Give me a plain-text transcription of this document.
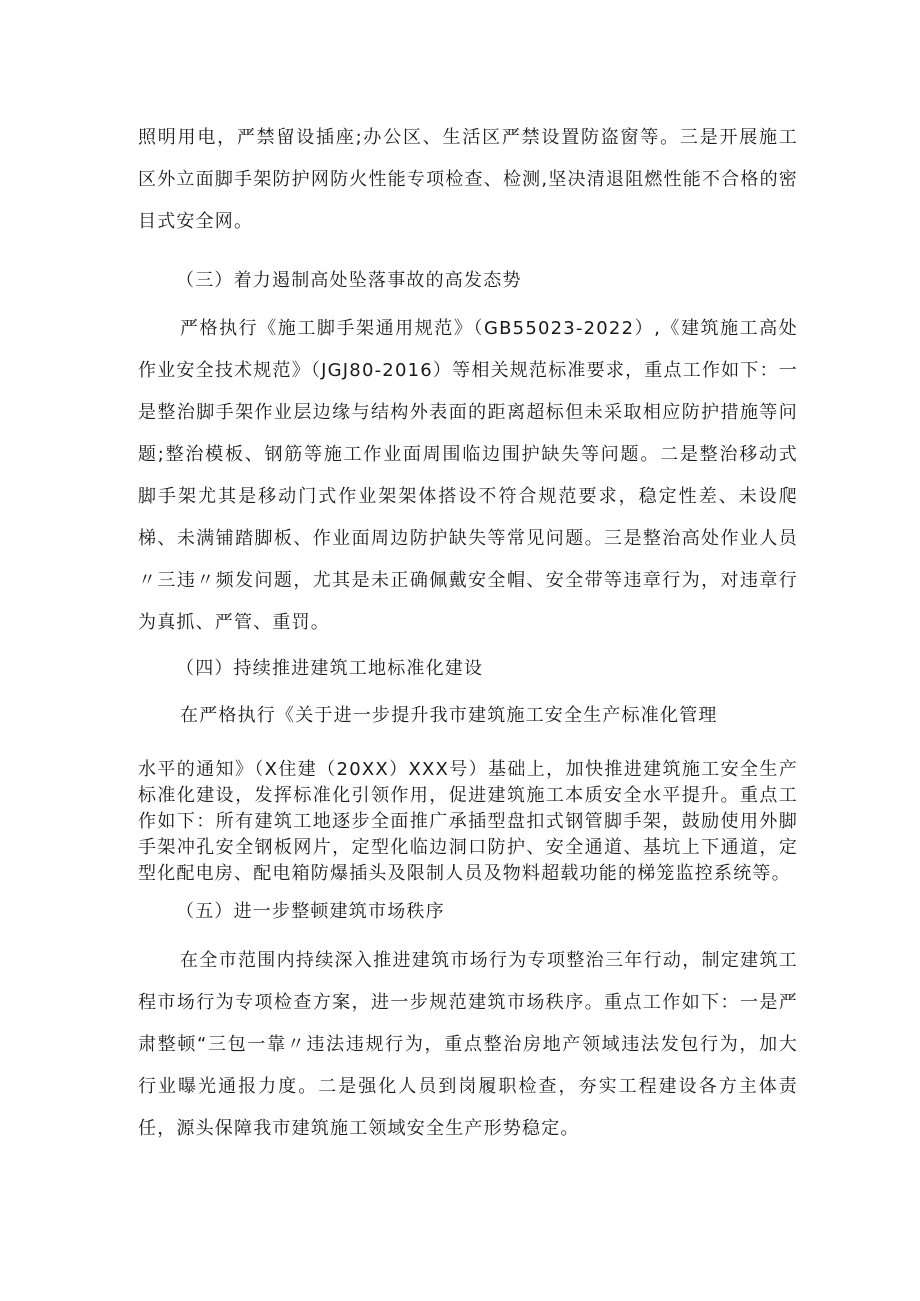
照明用电，严禁留设插座;办公区、生活区严禁设置防盗窗等。三是开展施工区外立面脚手架防护网防火性能专项检查、检测,坚决清退阻燃性能不合格的密目式安全网。

（三）着力遏制高处坠落事故的高发态势

严格执行《施工脚手架通用规范》（GB55023-2022）,《建筑施工高处作业安全技术规范》（JGJ80-2016）等相关规范标准要求，重点工作如下：一是整治脚手架作业层边缘与结构外表面的距离超标但未采取相应防护措施等问题;整治模板、钢筋等施工作业面周围临边围护缺失等问题。二是整治移动式脚手架尤其是移动门式作业架架体搭设不符合规范要求，稳定性差、未设爬梯、未满铺踏脚板、作业面周边防护缺失等常见问题。三是整治高处作业人员〃三违〃频发问题，尤其是未正确佩戴安全帽、安全带等违章行为，对违章行为真抓、严管、重罚。

（四）持续推进建筑工地标准化建设

在严格执行《关于进一步提升我市建筑施工安全生产标准化管理

水平的通知》（X住建（20XX）XXX号）基础上，加快推进建筑施工安全生产标准化建设，发挥标准化引领作用，促进建筑施工本质安全水平提升。重点工作如下：所有建筑工地逐步全面推广承插型盘扣式钢管脚手架，鼓励使用外脚手架冲孔安全钢板网片，定型化临边洞口防护、安全通道、基坑上下通道，定型化配电房、配电箱防爆插头及限制人员及物料超载功能的梯笼监控系统等。

（五）进一步整顿建筑市场秩序

在全市范围内持续深入推进建筑市场行为专项整治三年行动，制定建筑工程市场行为专项检查方案，进一步规范建筑市场秩序。重点工作如下：一是严肃整顿“三包一靠〃违法违规行为，重点整治房地产领域违法发包行为，加大行业曝光通报力度。二是强化人员到岗履职检查，夯实工程建设各方主体责任，源头保障我市建筑施工领域安全生产形势稳定。
